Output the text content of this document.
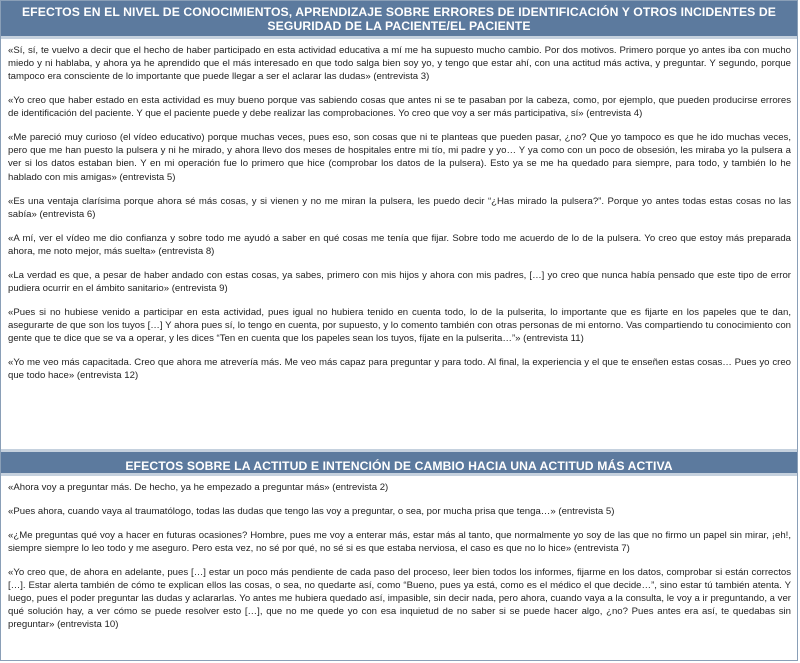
EFECTOS EN EL NIVEL DE CONOCIMIENTOS, APRENDIZAJE SOBRE ERRORES DE IDENTIFICACIÓN Y OTROS INCIDENTES DE SEGURIDAD DE LA PACIENTE/EL PACIENTE

«Sí, sí, te vuelvo a decir que el hecho de haber participado en esta actividad educativa a mí me ha supuesto mucho cambio. Por dos motivos. Primero porque yo antes iba con mucho miedo y ni hablaba, y ahora ya he aprendido que el más interesado en que todo salga bien soy yo, y tengo que estar ahí, con una actitud más activa, y preguntar. Y segundo, porque tampoco era consciente de lo importante que puede llegar a ser el aclarar las dudas» (entrevista 3)

«Yo creo que haber estado en esta actividad es muy bueno porque vas sabiendo cosas que antes ni se te pasaban por la cabeza, como, por ejemplo, que pueden producirse errores de identificación del paciente. Y que el paciente puede y debe realizar las comprobaciones. Yo creo que voy a ser más participativa, sí» (entrevista 4)

«Me pareció muy curioso (el vídeo educativo) porque muchas veces, pues eso, son cosas que ni te planteas que pueden pasar, ¿no? Que yo tampoco es que he ido muchas veces, pero que me han puesto la pulsera y ni he mirado, y ahora llevo dos meses de hospitales entre mi tío, mi padre y yo… Y ya como con un poco de obsesión, les miraba yo la pulsera a ver si los datos estaban bien. Y en mi operación fue lo primero que hice (comprobar los datos de la pulsera). Esto ya se me ha quedado para siempre, para todo, y también lo he hablado con mis amigas» (entrevista 5)

«Es una ventaja clarísima porque ahora sé más cosas, y si vienen y no me miran la pulsera, les puedo decir “¿Has mirado la pulsera?”. Porque yo antes todas estas cosas no las sabía» (entrevista 6)

«A mí, ver el vídeo me dio confianza y sobre todo me ayudó a saber en qué cosas me tenía que fijar. Sobre todo me acuerdo de lo de la pulsera. Yo creo que estoy más preparada ahora, me noto mejor, más suelta» (entrevista 8)

«La verdad es que, a pesar de haber andado con estas cosas, ya sabes, primero con mis hijos y ahora con mis padres, […] yo creo que nunca había pensado que este tipo de error pudiera ocurrir en el ámbito sanitario» (entrevista 9)

«Pues si no hubiese venido a participar en esta actividad, pues igual no hubiera tenido en cuenta todo, lo de la pulserita, lo importante que es fijarte en los papeles que te dan, asegurarte de que son los tuyos […] Y ahora pues sí, lo tengo en cuenta, por supuesto, y lo comento también con otras personas de mi entorno. Vas compartiendo tu conocimiento con gente que te dice que se va a operar, y les dices “Ten en cuenta que los papeles sean los tuyos, fíjate en la pulserita…”» (entrevista 11)

«Yo me veo más capacitada. Creo que ahora me atrevería más. Me veo más capaz para preguntar y para todo. Al final, la experiencia y el que te enseñen estas cosas… Pues yo creo que todo hace» (entrevista 12)

EFECTOS SOBRE LA ACTITUD E INTENCIÓN DE CAMBIO HACIA UNA ACTITUD MÁS ACTIVA

«Ahora voy a preguntar más. De hecho, ya he empezado a preguntar más» (entrevista 2)

«Pues ahora, cuando vaya al traumatólogo, todas las dudas que tengo las voy a preguntar, o sea, por mucha prisa que tenga…» (entrevista 5)

«¿Me preguntas qué voy a hacer en futuras ocasiones? Hombre, pues me voy a enterar más, estar más al tanto, que normalmente yo soy de las que no firmo un papel sin mirar, ¡eh!, siempre siempre lo leo todo y me aseguro. Pero esta vez, no sé por qué, no sé si es que estaba nerviosa, el caso es que no lo hice» (entrevista 7)

«Yo creo que, de ahora en adelante, pues […] estar un poco más pendiente de cada paso del proceso, leer bien todos los informes, fijarme en los datos, comprobar si están correctos […]. Estar alerta también de cómo te explican ellos las cosas, o sea, no quedarte así, como “Bueno, pues ya está, como es el médico el que decide…”, sino estar tú también atenta. Y luego, pues el poder preguntar las dudas y aclararlas. Yo antes me hubiera quedado así, impasible, sin decir nada, pero ahora, cuando vaya a la consulta, le voy a ir preguntando, a ver qué solución hay, a ver cómo se puede resolver esto […], que no me quede yo con esa inquietud de no saber si se puede hacer algo, ¿no? Pues antes era así, te quedabas sin preguntar» (entrevista 10)
